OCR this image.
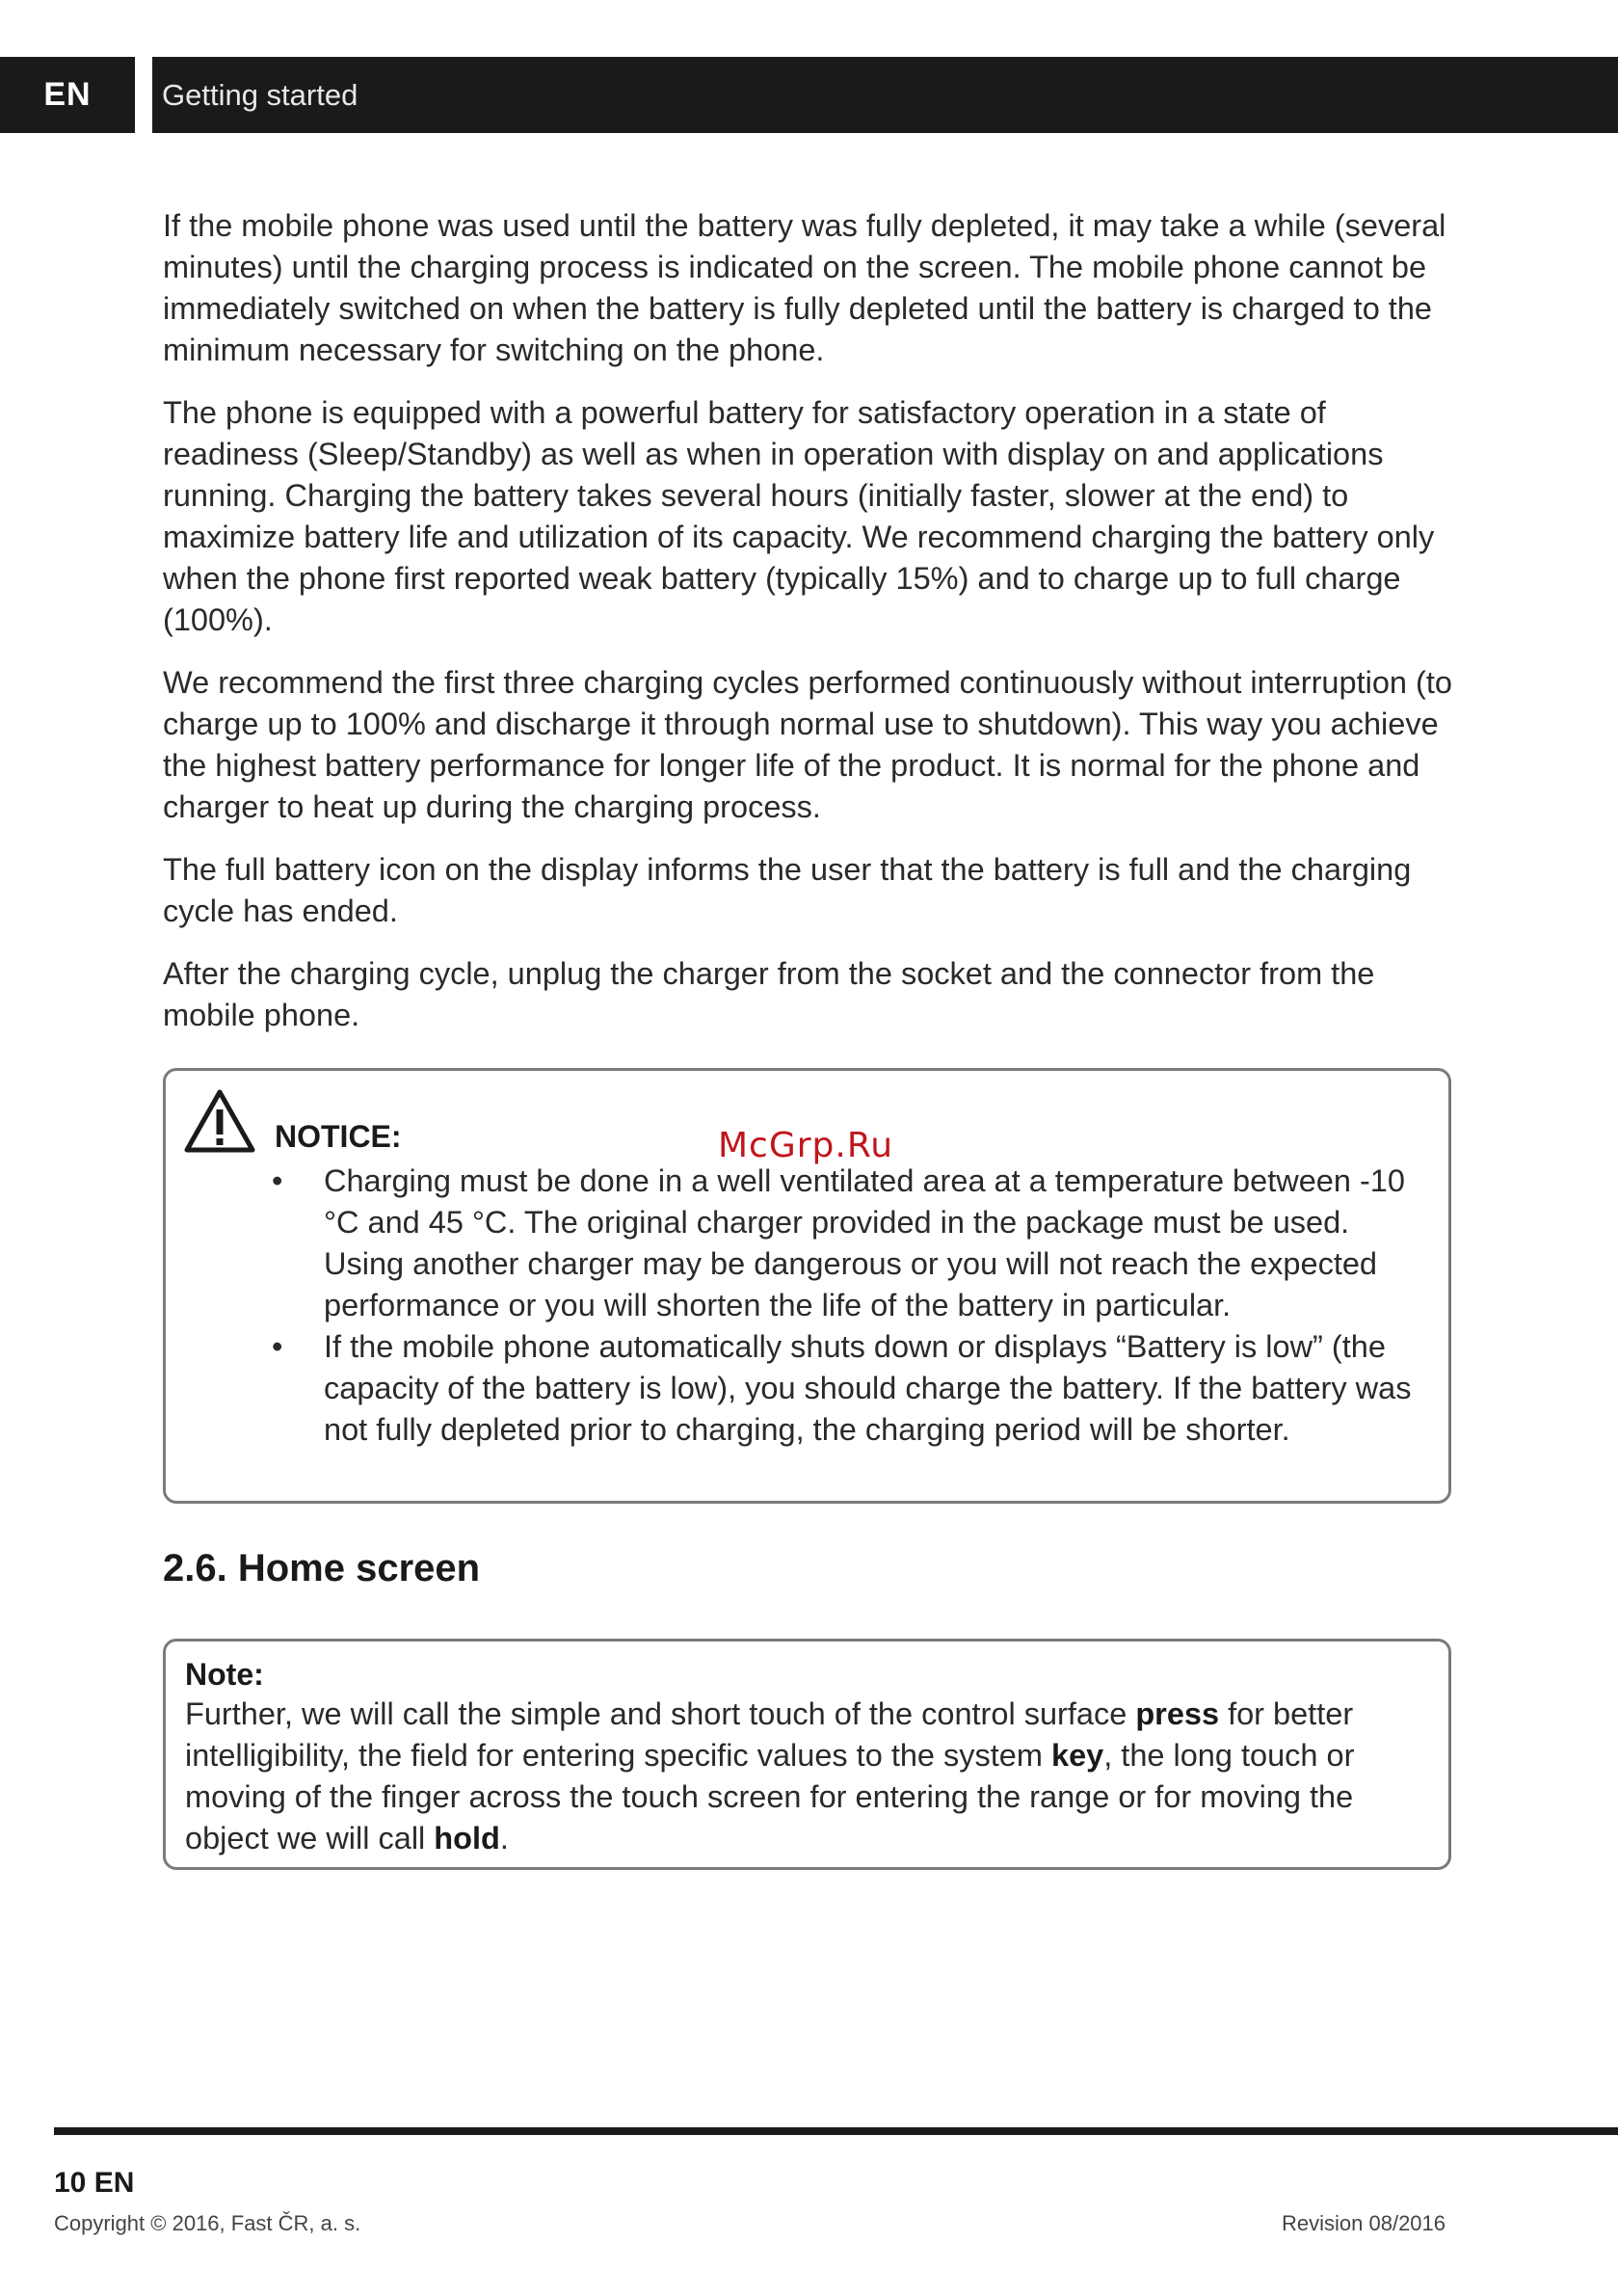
EN Getting started

If the mobile phone was used until the battery was fully depleted, it may take a while (several minutes) until the charging process is indicated on the screen. The mobile phone cannot be immediately switched on when the battery is fully depleted until the battery is charged to the minimum necessary for switching on the phone.

The phone is equipped with a powerful battery for satisfactory operation in a state of readiness (Sleep/Standby) as well as when in operation with display on and applications running. Charging the battery takes several hours (initially faster, slower at the end) to maximize battery life and utilization of its capacity. We recommend charging the battery only when the phone first reported weak battery (typically 15%) and to charge up to full charge (100%).

We recommend the first three charging cycles performed continuously without interruption (to charge up to 100% and discharge it through normal use to shutdown). This way you achieve the highest battery performance for longer life of the product. It is normal for the phone and charger to heat up during the charging process.

The full battery icon on the display informs the user that the battery is full and the charging cycle has ended.

After the charging cycle, unplug the charger from the socket and the connector from the mobile phone.

NOTICE:
• Charging must be done in a well ventilated area at a temperature between -10 °C and 45 °C. The original charger provided in the package must be used. Using another charger may be dangerous or you will not reach the expected performance or you will shorten the life of the battery in particular.
• If the mobile phone automatically shuts down or displays “Battery is low” (the capacity of the battery is low), you should charge the battery. If the battery was not fully depleted prior to charging, the charging period will be shorter.
McGrp.Ru
2.6. Home screen
Note:

Further, we will call the simple and short touch of the control surface press for better intelligibility, the field for entering specific values to the system key, the long touch or moving of the finger across the touch screen for entering the range or for moving the object we will call hold.

10 EN
Copyright © 2016, Fast ČR, a. s.	Revision 08/2016
